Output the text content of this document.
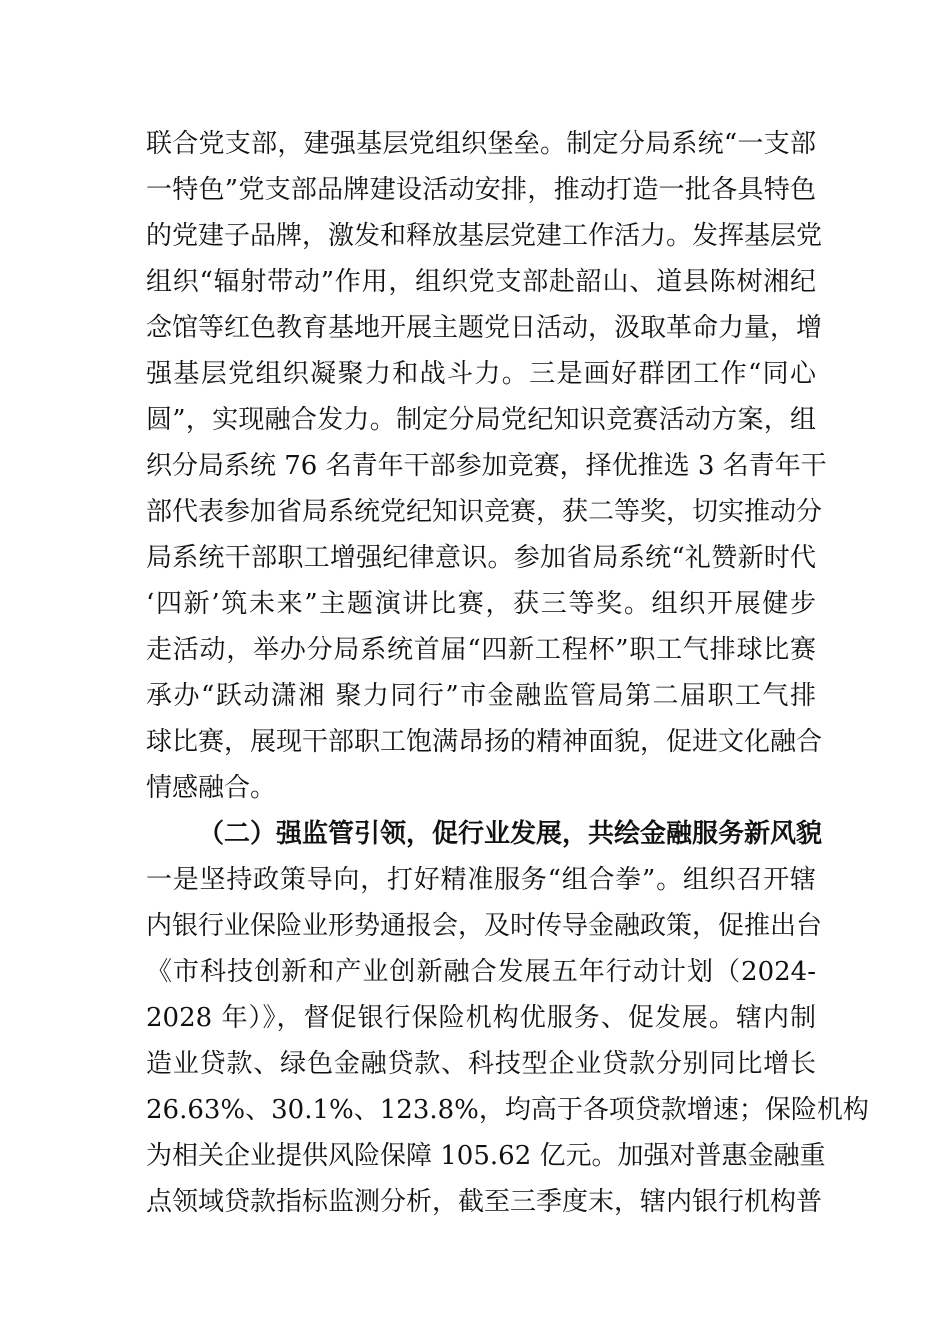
联合党支部，建强基层党组织堡垒。制定分局系统“一支部
一特色”党支部品牌建设活动安排，推动打造一批各具特色
的党建子品牌，激发和释放基层党建工作活力。发挥基层党
组织“辐射带动”作用，组织党支部赴韶山、道县陈树湘纪
念馆等红色教育基地开展主题党日活动，汲取革命力量，增
强基层党组织凝聚力和战斗力。三是画好群团工作“同心
圆”，实现融合发力。制定分局党纪知识竞赛活动方案，组
织分局系统 76 名青年干部参加竞赛，择优推选 3 名青年干
部代表参加省局系统党纪知识竞赛，获二等奖，切实推动分
局系统干部职工增强纪律意识。参加省局系统“礼赞新时代
‘四新’筑未来”主题演讲比赛，获三等奖。组织开展健步
走活动，举办分局系统首届“四新工程杯”职工气排球比赛
承办“跃动潇湘 聚力同行”市金融监管局第二届职工气排
球比赛，展现干部职工饱满昂扬的精神面貌，促进文化融合
情感融合。
（二）强监管引领，促行业发展，共绘金融服务新风貌
一是坚持政策导向，打好精准服务“组合拳”。组织召开辖
内银行业保险业形势通报会，及时传导金融政策，促推出台
《市科技创新和产业创新融合发展五年行动计划（2024-
2028 年）》，督促银行保险机构优服务、促发展。辖内制
造业贷款、绿色金融贷款、科技型企业贷款分别同比增长
26.63%、30.1%、123.8%，均高于各项贷款增速；保险机构
为相关企业提供风险保障 105.62 亿元。加强对普惠金融重
点领域贷款指标监测分析，截至三季度末，辖内银行机构普
